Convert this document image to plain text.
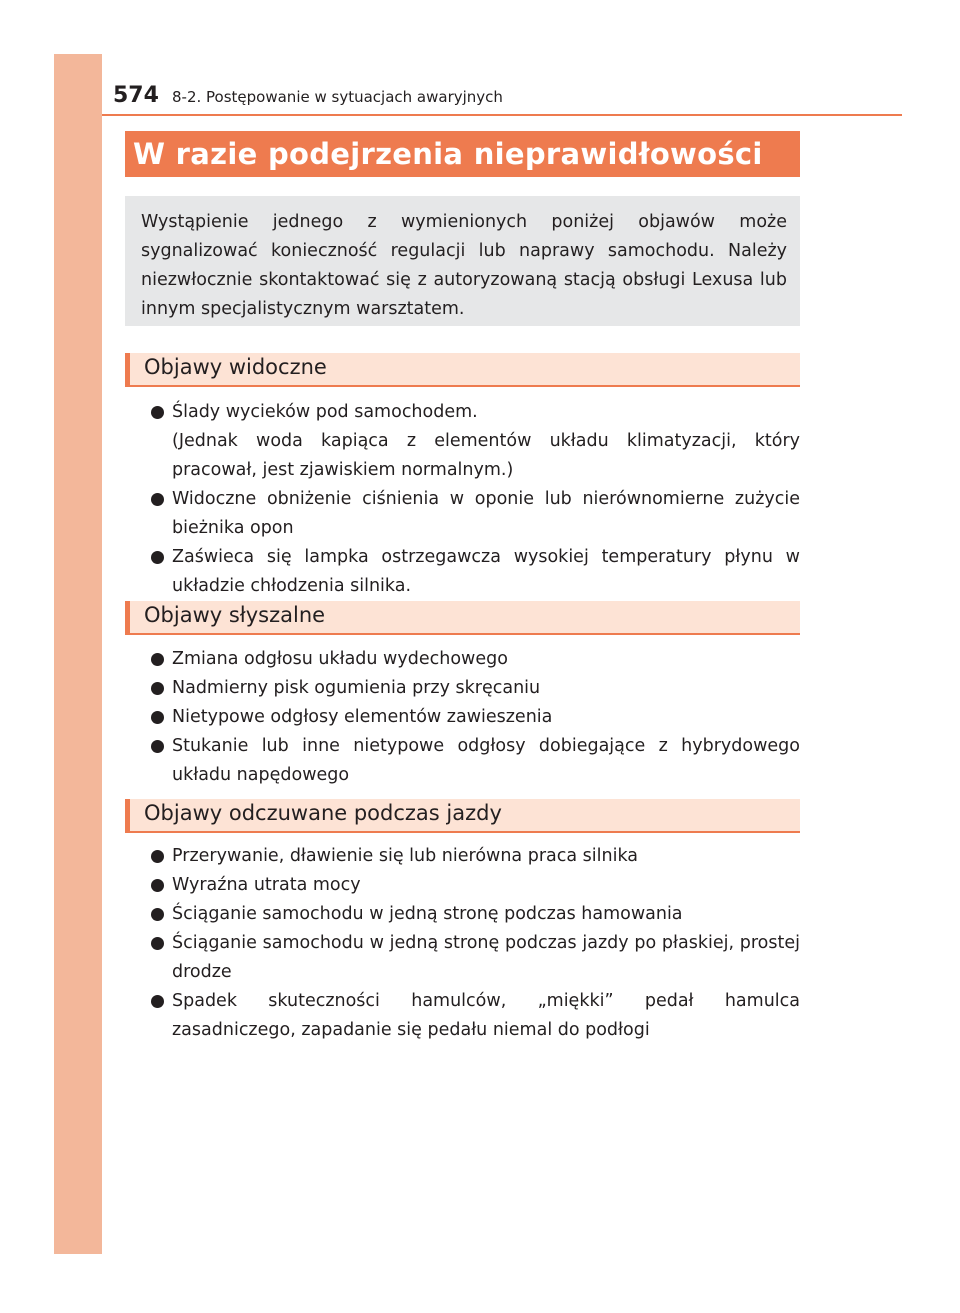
574 8-2. Postępowanie w sytuacjach awaryjnych
W razie podejrzenia nieprawidłowości

Wystąpienie jednego z wymienionych poniżej objawów może sygnalizować konieczność regulacji lub naprawy samochodu. Należy niezwłocznie skontaktować się z autoryzowaną stacją obsługi Lexusa lub innym specjalistycznym warsztatem.

Objawy widoczne
Ślady wycieków pod samochodem.
(Jednak woda kapiąca z elementów układu klimatyzacji, który pracował, jest zjawiskiem normalnym.)
Widoczne obniżenie ciśnienia w oponie lub nierównomierne zużycie bieżnika opon
Zaświeca się lampka ostrzegawcza wysokiej temperatury płynu w układzie chłodzenia silnika.
Objawy słyszalne
Zmiana odgłosu układu wydechowego
Nadmierny pisk ogumienia przy skręcaniu
Nietypowe odgłosy elementów zawieszenia
Stukanie lub inne nietypowe odgłosy dobiegające z hybrydowego układu napędowego
Objawy odczuwane podczas jazdy
Przerywanie, dławienie się lub nierówna praca silnika
Wyraźna utrata mocy
Ściąganie samochodu w jedną stronę podczas hamowania
Ściąganie samochodu w jedną stronę podczas jazdy po płaskiej, prostej drodze
Spadek skuteczności hamulców, „miękki” pedał hamulca zasadniczego, zapadanie się pedału niemal do podłogi
